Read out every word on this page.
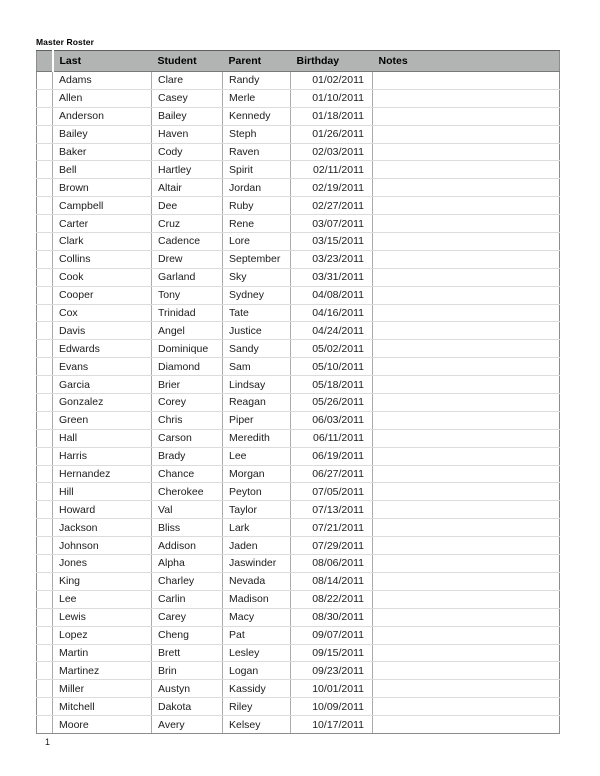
Master Roster
	Last	Student	Parent	Birthday	Notes
	Adams	Clare	Randy	01/02/2011	
	Allen	Casey	Merle	01/10/2011	
	Anderson	Bailey	Kennedy	01/18/2011	
	Bailey	Haven	Steph	01/26/2011	
	Baker	Cody	Raven	02/03/2011	
	Bell	Hartley	Spirit	02/11/2011	
	Brown	Altair	Jordan	02/19/2011	
	Campbell	Dee	Ruby	02/27/2011	
	Carter	Cruz	Rene	03/07/2011	
	Clark	Cadence	Lore	03/15/2011	
	Collins	Drew	September	03/23/2011	
	Cook	Garland	Sky	03/31/2011	
	Cooper	Tony	Sydney	04/08/2011	
	Cox	Trinidad	Tate	04/16/2011	
	Davis	Angel	Justice	04/24/2011	
	Edwards	Dominique	Sandy	05/02/2011	
	Evans	Diamond	Sam	05/10/2011	
	Garcia	Brier	Lindsay	05/18/2011	
	Gonzalez	Corey	Reagan	05/26/2011	
	Green	Chris	Piper	06/03/2011	
	Hall	Carson	Meredith	06/11/2011	
	Harris	Brady	Lee	06/19/2011	
	Hernandez	Chance	Morgan	06/27/2011	
	Hill	Cherokee	Peyton	07/05/2011	
	Howard	Val	Taylor	07/13/2011	
	Jackson	Bliss	Lark	07/21/2011	
	Johnson	Addison	Jaden	07/29/2011	
	Jones	Alpha	Jaswinder	08/06/2011	
	King	Charley	Nevada	08/14/2011	
	Lee	Carlin	Madison	08/22/2011	
	Lewis	Carey	Macy	08/30/2011	
	Lopez	Cheng	Pat	09/07/2011	
	Martin	Brett	Lesley	09/15/2011	
	Martinez	Brin	Logan	09/23/2011	
	Miller	Austyn	Kassidy	10/01/2011	
	Mitchell	Dakota	Riley	10/09/2011	
	Moore	Avery	Kelsey	10/17/2011	
1
